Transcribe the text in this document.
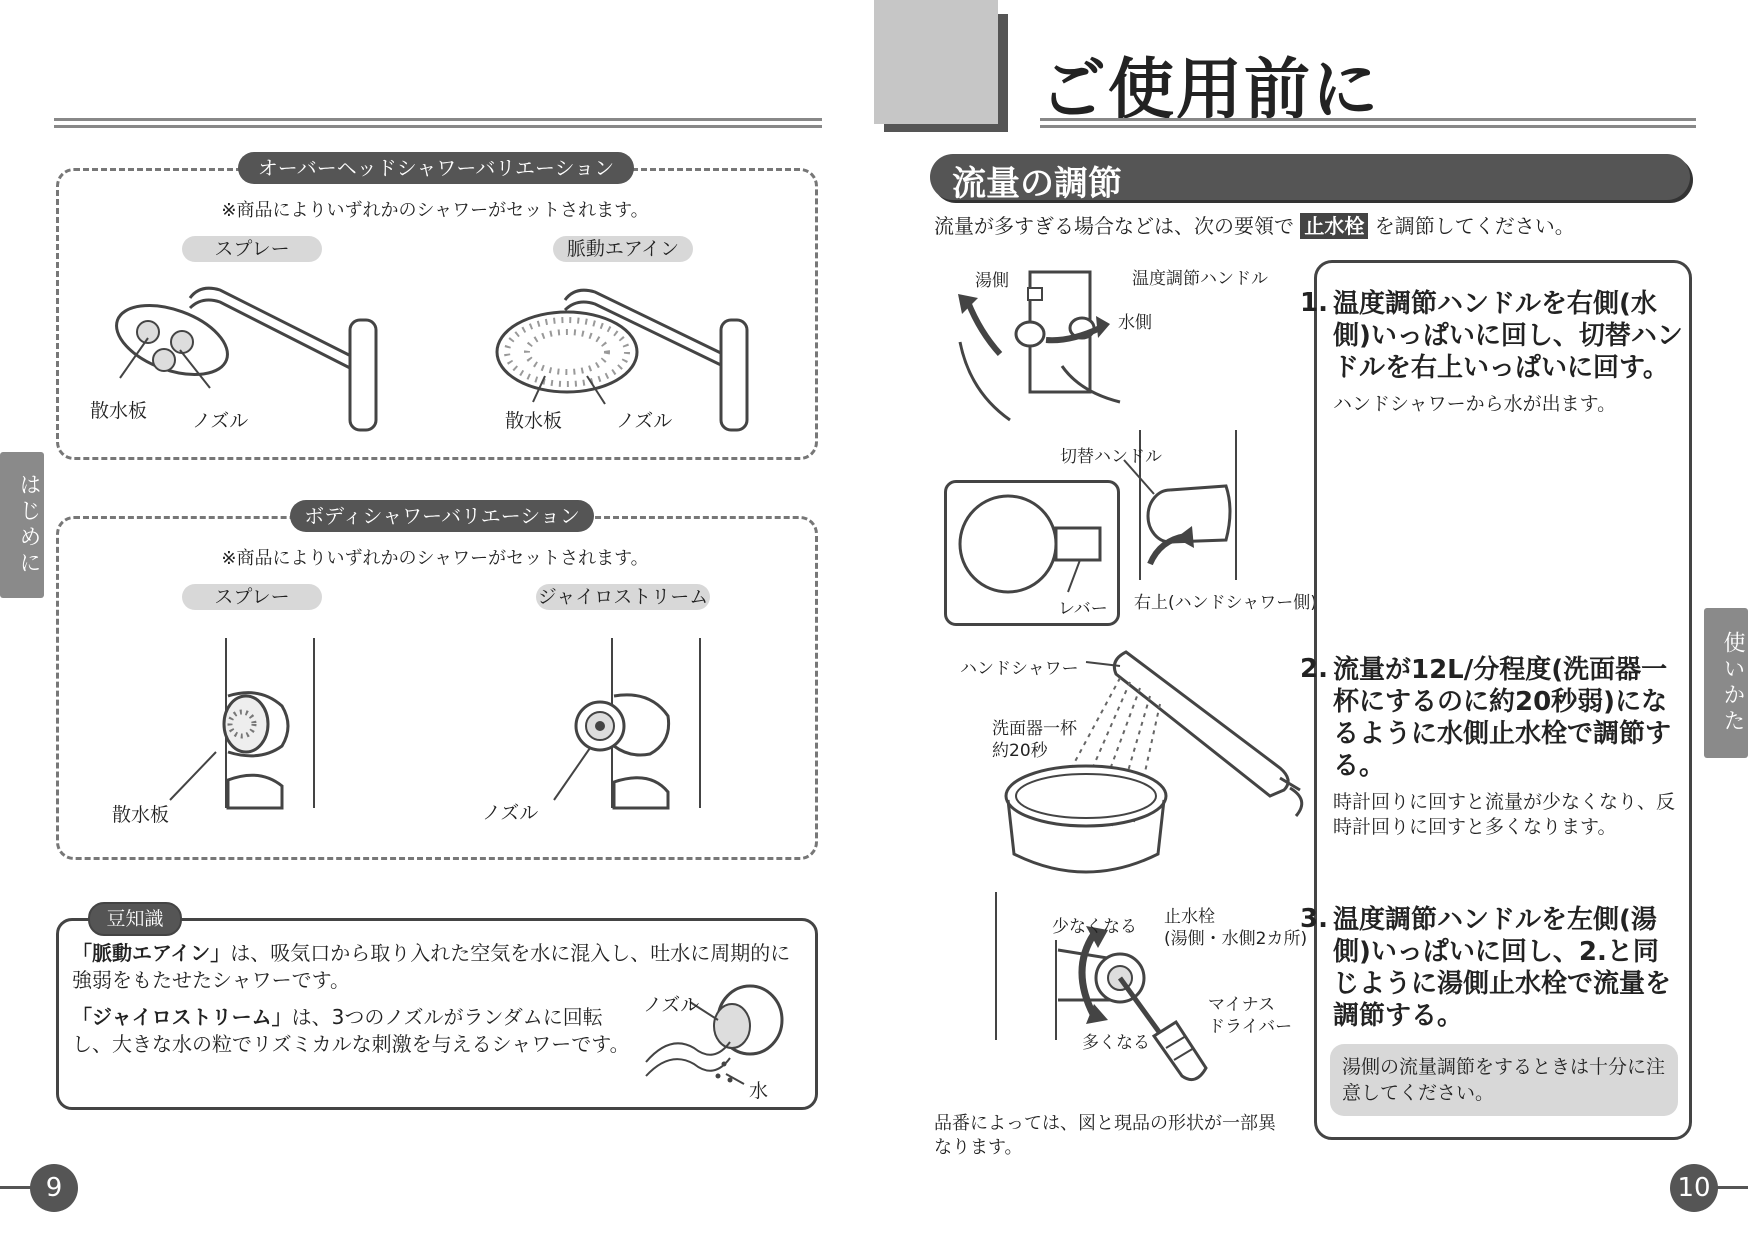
オーバーヘッドシャワーバリエーション
※商品によりいずれかのシャワーがセットされます。
スプレー	脈動エアイン
散水板 ノズル	散水板	ノズル
ボディシャワーバリエーション
※商品によりいずれかのシャワーがセットされます。
スプレー	ジャイロストリーム
散水板	ノズル
豆知識
「脈動エアイン」は、吸気口から取り入れた空気を水に混入し、吐水に周期的に強弱をもたせたシャワーです。
「ジャイロストリーム」は、3つのノズルがランダムに回転し、大きな水の粒でリズミカルな刺激を与えるシャワーです。
ノズル
水
はじめに
9
ご使用前に
流量の調節
流量が多すぎる場合などは、次の要領で 止水栓 を調節してください。
湯側	温度調節ハンドル
水側
切替ハンドル
レバー 右上(ハンドシャワー側)
ハンドシャワー
洗面器一杯
約20秒
少なくなる
多くなる
止水栓
(湯側・水側2カ所)
マイナス
ドライバー
品番によっては、図と現品の形状が一部異なります。
1. 温度調節ハンドルを右側(水側)いっぱいに回し、切替ハンドルを右上いっぱいに回す。
ハンドシャワーから水が出ます。
2. 流量が12L/分程度(洗面器一杯にするのに約20秒弱)になるように水側止水栓で調節する。
時計回りに回すと流量が少なくなり、反時計回りに回すと多くなります。
3. 温度調節ハンドルを左側(湯側)いっぱいに回し、2.と同じように湯側止水栓で流量を調節する。
湯側の流量調節をするときは十分に注意してください。
使いかた
10
